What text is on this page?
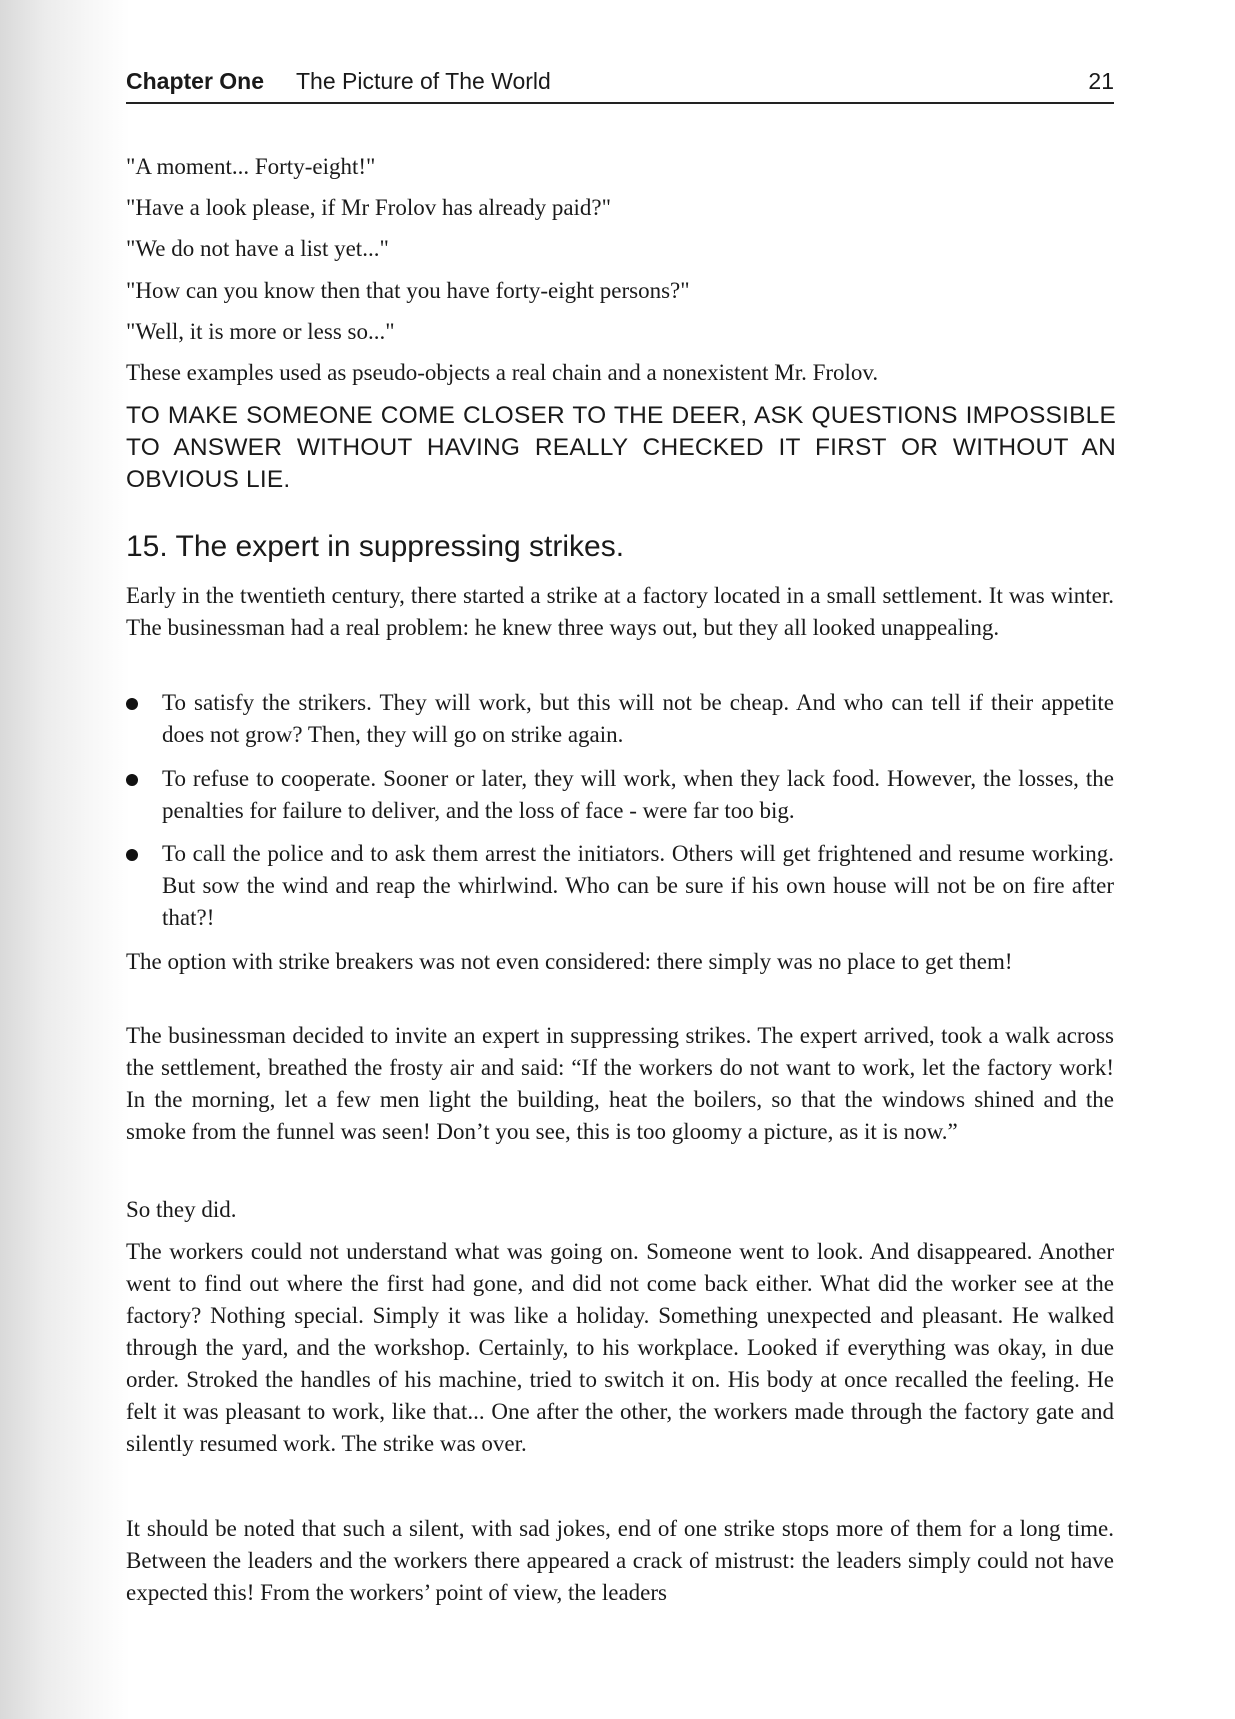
Chapter One The Picture of The World	21
"A moment... Forty-eight!"
"Have a look please, if Mr Frolov has already paid?"
"We do not have a list yet..."
"How can you know then that you have forty-eight persons?"
"Well, it is more or less so..."
These examples used as pseudo-objects a real chain and a nonexistent Mr. Frolov.
TO MAKE SOMEONE COME CLOSER TO THE DEER, ASK QUESTIONS IMPOSSIBLE TO ANSWER WITHOUT HAVING REALLY CHECKED IT FIRST OR WITHOUT AN OBVIOUS LIE.
15. The expert in suppressing strikes.
Early in the twentieth century, there started a strike at a factory located in a small settlement. It was winter. The businessman had a real problem: he knew three ways out, but they all looked unappealing.
To satisfy the strikers. They will work, but this will not be cheap. And who can tell if their appetite does not grow? Then, they will go on strike again.
To refuse to cooperate. Sooner or later, they will work, when they lack food. However, the losses, the penalties for failure to deliver, and the loss of face - were far too big.
To call the police and to ask them arrest the initiators. Others will get frightened and resume working. But sow the wind and reap the whirlwind. Who can be sure if his own house will not be on fire after that?!
The option with strike breakers was not even considered: there simply was no place to get them!
The businessman decided to invite an expert in suppressing strikes. The expert arrived, took a walk across the settlement, breathed the frosty air and said: “If the workers do not want to work, let the factory work! In the morning, let a few men light the building, heat the boilers, so that the windows shined and the smoke from the funnel was seen! Don’t you see, this is too gloomy a picture, as it is now.”
So they did.
The workers could not understand what was going on. Someone went to look. And disappeared. Another went to find out where the first had gone, and did not come back either. What did the worker see at the factory? Nothing special. Simply it was like a holiday. Something unexpected and pleasant. He walked through the yard, and the workshop. Certainly, to his workplace. Looked if everything was okay, in due order. Stroked the handles of his machine, tried to switch it on. His body at once recalled the feeling. He felt it was pleasant to work, like that... One after the other, the workers made through the factory gate and silently resumed work. The strike was over.
It should be noted that such a silent, with sad jokes, end of one strike stops more of them for a long time. Between the leaders and the workers there appeared a crack of mistrust: the leaders simply could not have expected this! From the workers’ point of view, the leaders
